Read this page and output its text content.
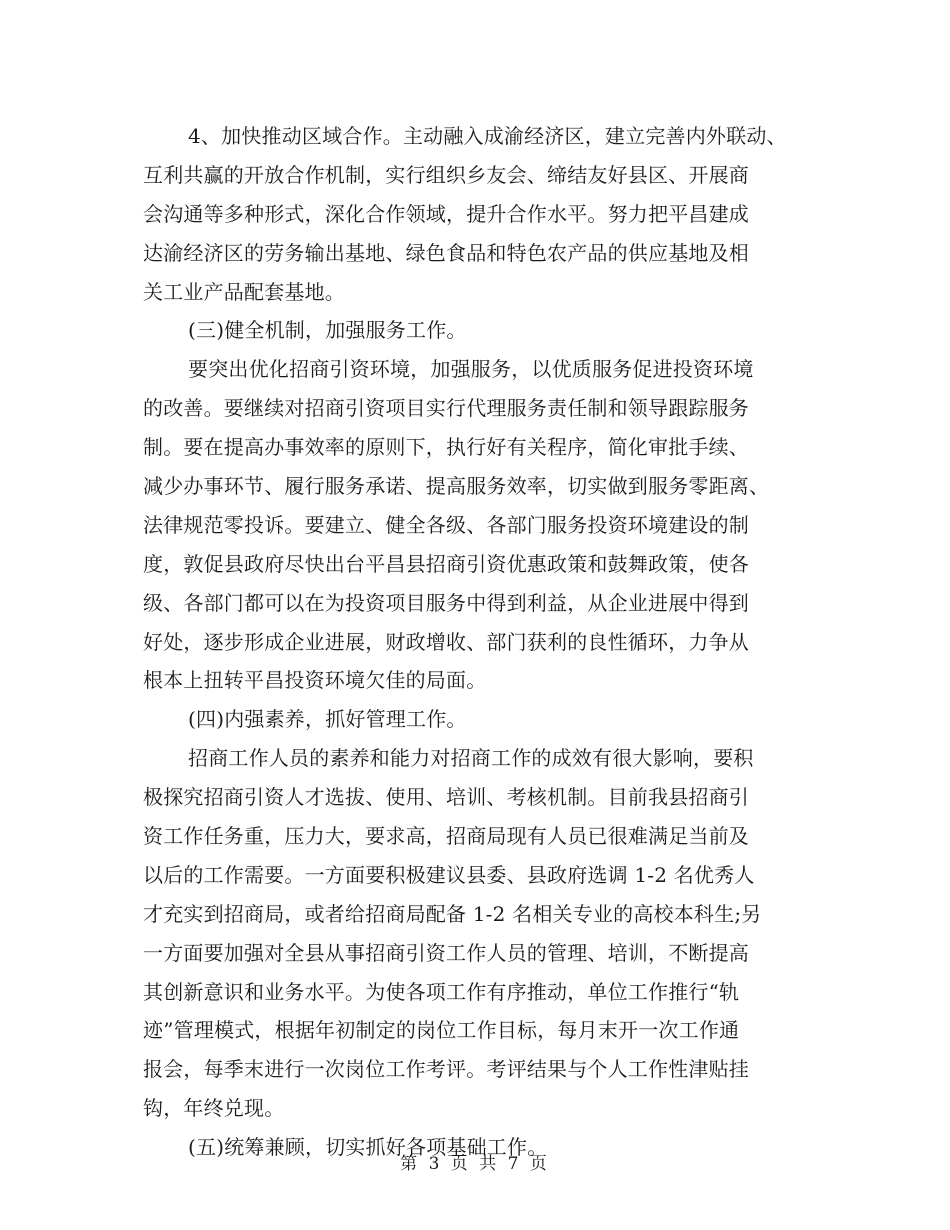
4、加快推动区域合作。主动融入成渝经济区，建立完善内外联动、
互利共赢的开放合作机制，实行组织乡友会、缔结友好县区、开展商
会沟通等多种形式，深化合作领域，提升合作水平。努力把平昌建成
达渝经济区的劳务输出基地、绿色食品和特色农产品的供应基地及相
关工业产品配套基地。
(三)健全机制，加强服务工作。
要突出优化招商引资环境，加强服务，以优质服务促进投资环境
的改善。要继续对招商引资项目实行代理服务责任制和领导跟踪服务
制。要在提高办事效率的原则下，执行好有关程序，简化审批手续、
减少办事环节、履行服务承诺、提高服务效率，切实做到服务零距离、
法律规范零投诉。要建立、健全各级、各部门服务投资环境建设的制
度，敦促县政府尽快出台平昌县招商引资优惠政策和鼓舞政策，使各
级、各部门都可以在为投资项目服务中得到利益，从企业进展中得到
好处，逐步形成企业进展，财政增收、部门获利的良性循环，力争从
根本上扭转平昌投资环境欠佳的局面。
(四)内强素养，抓好管理工作。
招商工作人员的素养和能力对招商工作的成效有很大影响，要积
极探究招商引资人才选拔、使用、培训、考核机制。目前我县招商引
资工作任务重，压力大，要求高，招商局现有人员已很难满足当前及
以后的工作需要。一方面要积极建议县委、县政府选调 1-2 名优秀人
才充实到招商局，或者给招商局配备 1-2 名相关专业的高校本科生;另
一方面要加强对全县从事招商引资工作人员的管理、培训，不断提高
其创新意识和业务水平。为使各项工作有序推动，单位工作推行“轨
迹”管理模式，根据年初制定的岗位工作目标，每月末开一次工作通
报会，每季末进行一次岗位工作考评。考评结果与个人工作性津贴挂
钩，年终兑现。
(五)统筹兼顾，切实抓好各项基础工作。
第 3 页 共 7 页
